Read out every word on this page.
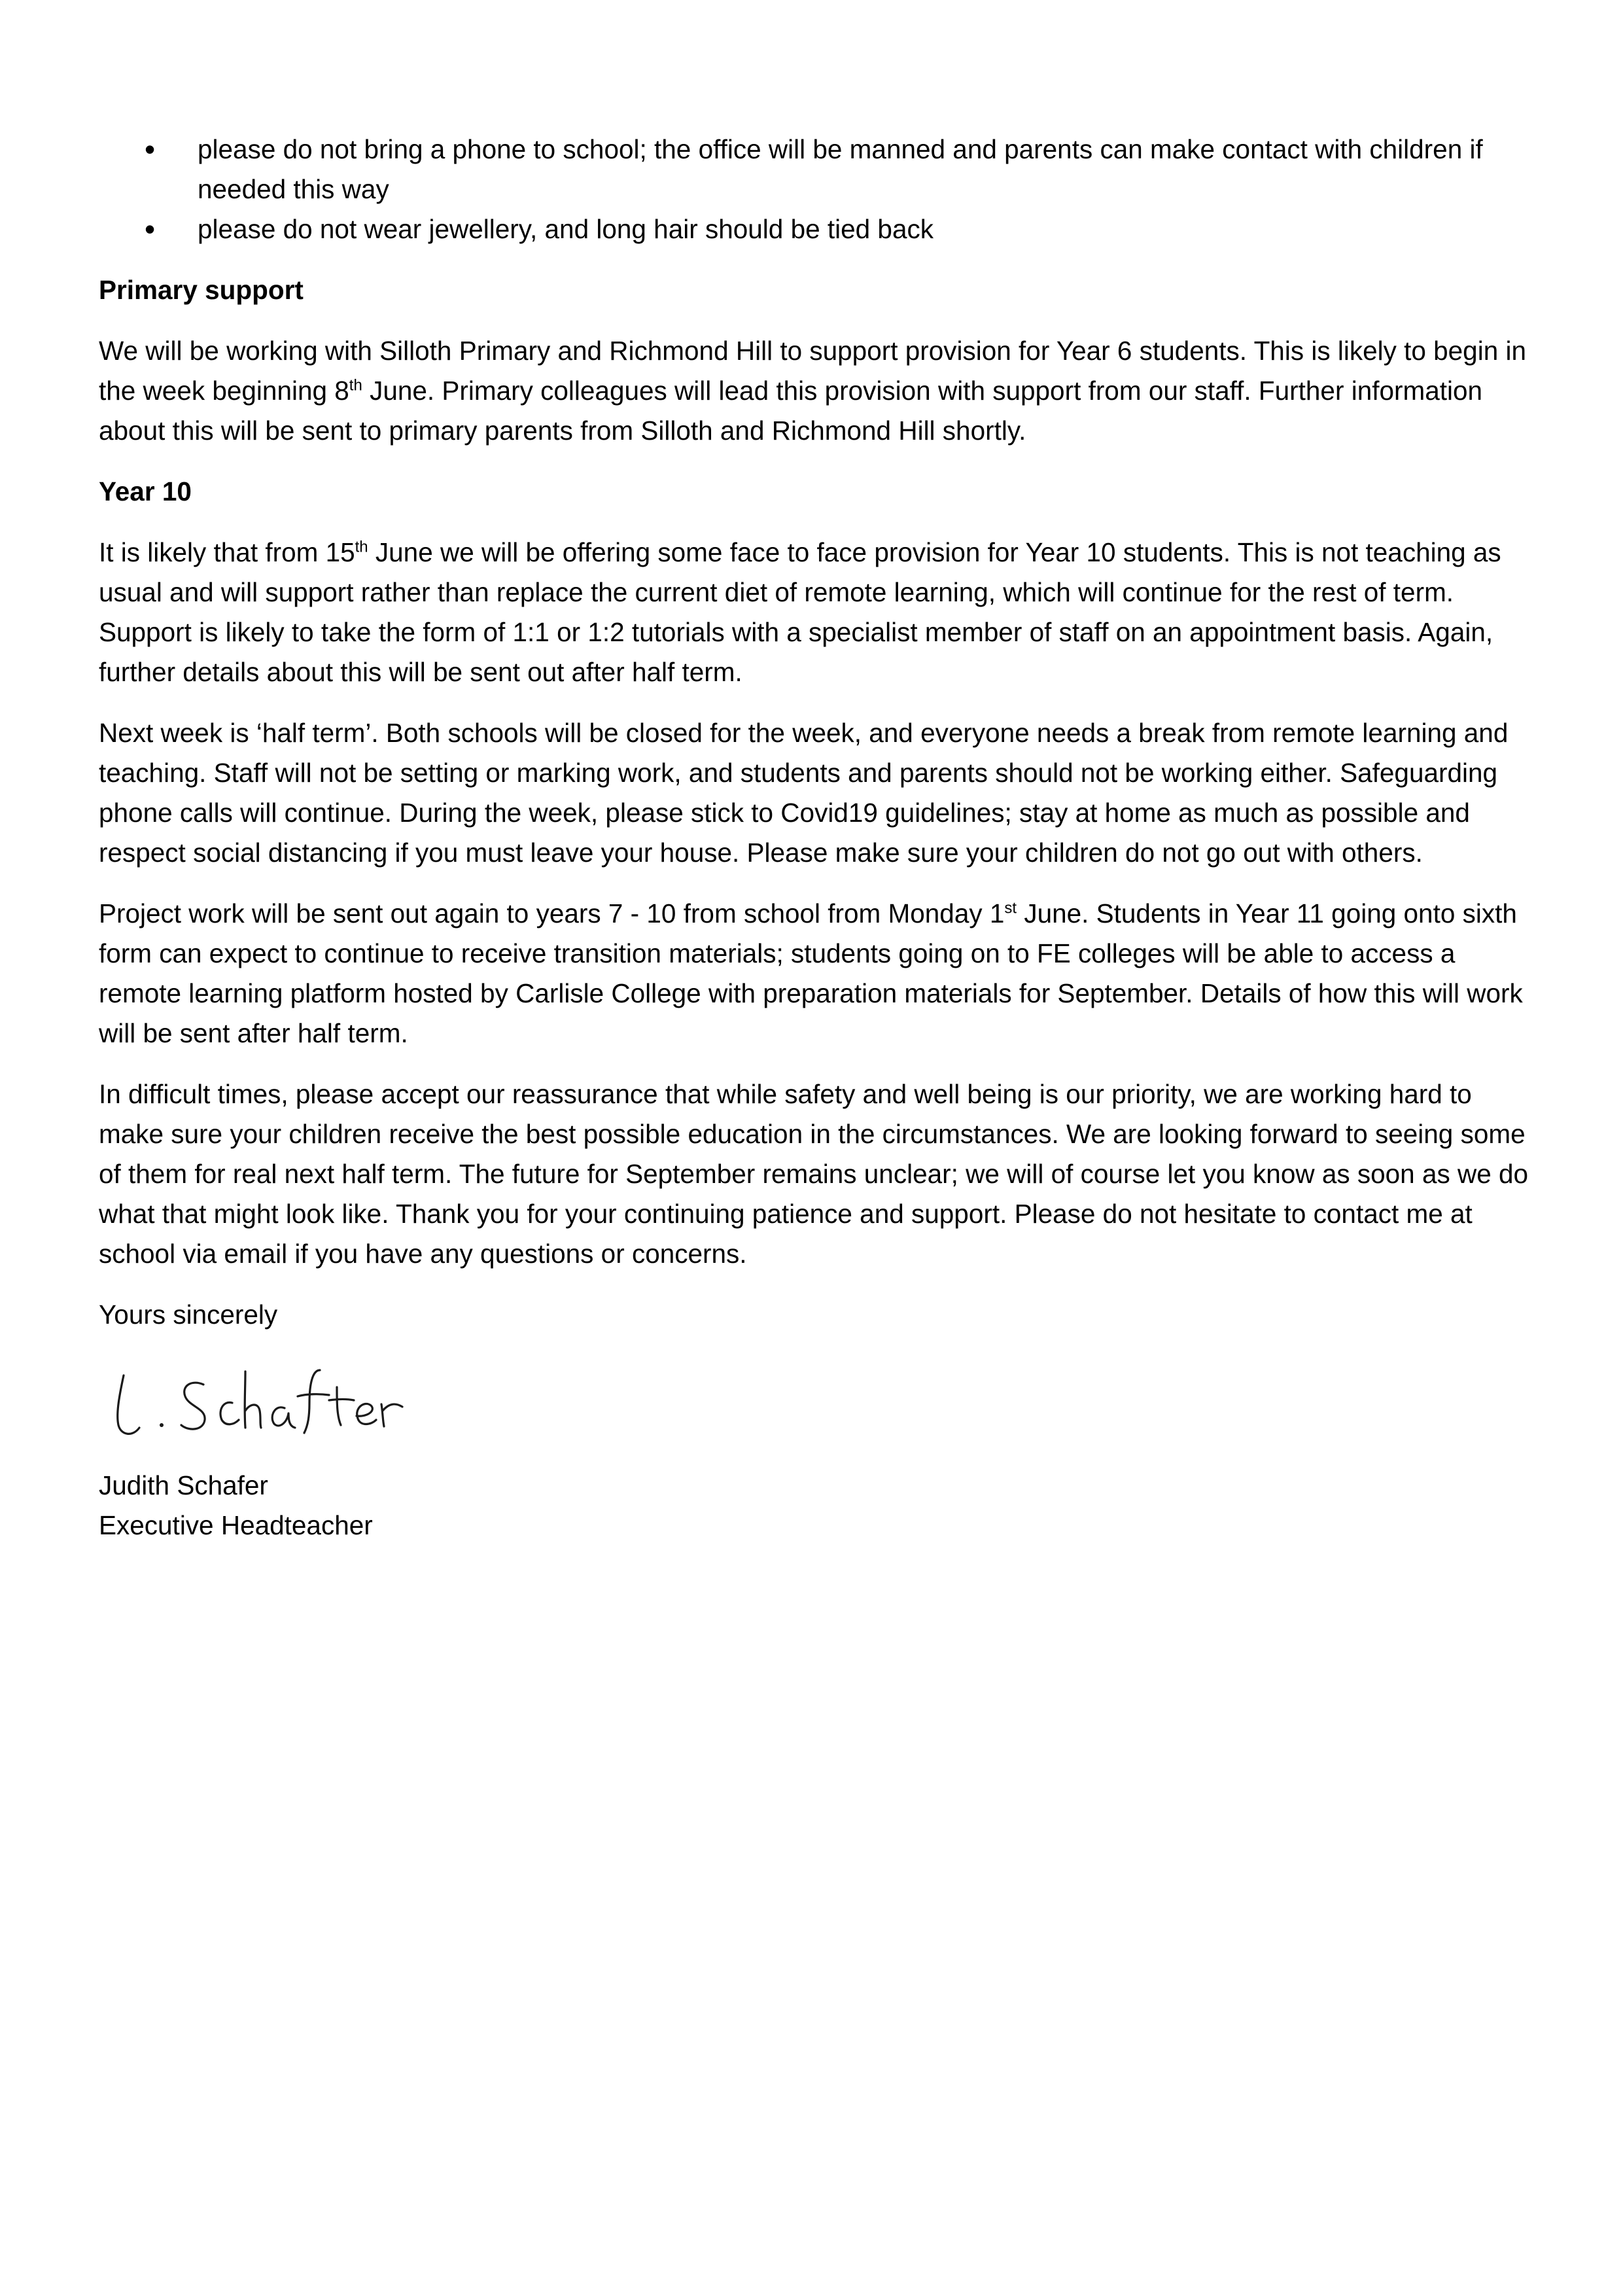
• please do not bring a phone to school; the office will be manned and parents can make contact with children if needed this way
• please do not wear jewellery, and long hair should be tied back
Primary support

We will be working with Silloth Primary and Richmond Hill to support provision for Year 6 students. This is likely to begin in the week beginning 8th June. Primary colleagues will lead this provision with support from our staff. Further information about this will be sent to primary parents from Silloth and Richmond Hill shortly.

Year 10

It is likely that from 15th June we will be offering some face to face provision for Year 10 students. This is not teaching as usual and will support rather than replace the current diet of remote learning, which will continue for the rest of term. Support is likely to take the form of 1:1 or 1:2 tutorials with a specialist member of staff on an appointment basis. Again, further details about this will be sent out after half term.

Next week is ‘half term’. Both schools will be closed for the week, and everyone needs a break from remote learning and teaching. Staff will not be setting or marking work, and students and parents should not be working either. Safeguarding phone calls will continue. During the week, please stick to Covid19 guidelines; stay at home as much as possible and respect social distancing if you must leave your house. Please make sure your children do not go out with others.

Project work will be sent out again to years 7 - 10 from school from Monday 1st June. Students in Year 11 going onto sixth form can expect to continue to receive transition materials; students going on to FE colleges will be able to access a remote learning platform hosted by Carlisle College with preparation materials for September. Details of how this will work will be sent after half term.

In difficult times, please accept our reassurance that while safety and well being is our priority, we are working hard to make sure your children receive the best possible education in the circumstances. We are looking forward to seeing some of them for real next half term. The future for September remains unclear; we will of course let you know as soon as we do what that might look like. Thank you for your continuing patience and support. Please do not hesitate to contact me at school via email if you have any questions or concerns.

Yours sincerely

Judith Schafer

Executive Headteacher
